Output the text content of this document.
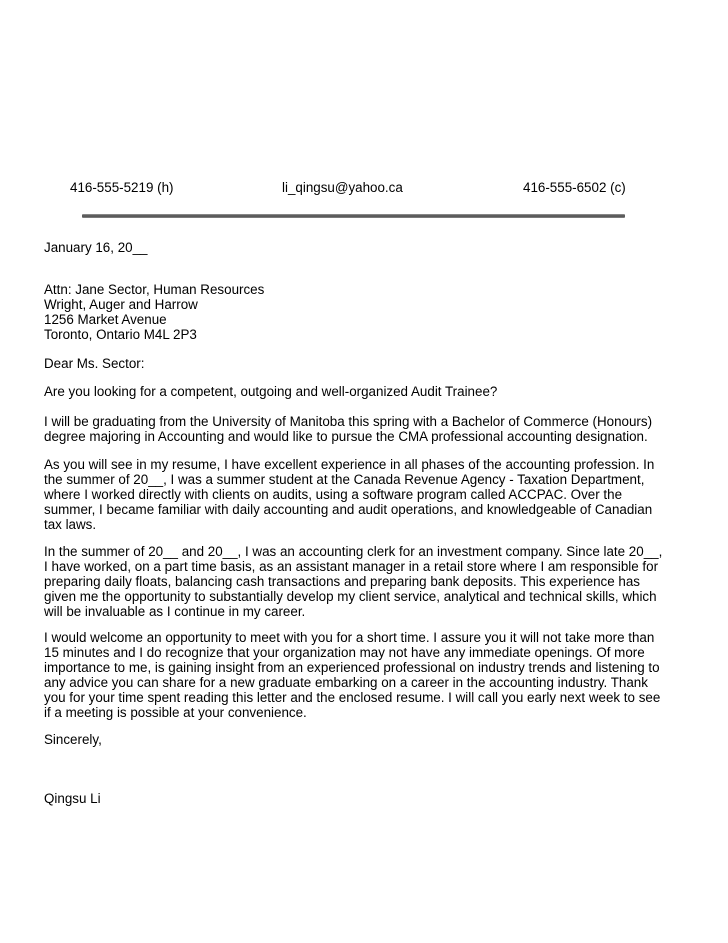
416-555-5219 (h)	li_qingsu@yahoo.ca	416-555-6502 (c)
January 16, 20__
Attn: Jane Sector, Human Resources
Wright, Auger and Harrow
1256 Market Avenue
Toronto, Ontario M4L 2P3
Dear Ms. Sector:
Are you looking for a competent, outgoing and well-organized Audit Trainee?
I will be graduating from the University of Manitoba this spring with a Bachelor of Commerce (Honours)
degree majoring in Accounting and would like to pursue the CMA professional accounting designation.
As you will see in my resume, I have excellent experience in all phases of the accounting profession. In
the summer of 20__, I was a summer student at the Canada Revenue Agency - Taxation Department,
where I worked directly with clients on audits, using a software program called ACCPAC. Over the
summer, I became familiar with daily accounting and audit operations, and knowledgeable of Canadian
tax laws.
In the summer of 20__ and 20__, I was an accounting clerk for an investment company. Since late 20__,
I have worked, on a part time basis, as an assistant manager in a retail store where I am responsible for
preparing daily floats, balancing cash transactions and preparing bank deposits. This experience has
given me the opportunity to substantially develop my client service, analytical and technical skills, which
will be invaluable as I continue in my career.
I would welcome an opportunity to meet with you for a short time. I assure you it will not take more than
15 minutes and I do recognize that your organization may not have any immediate openings. Of more
importance to me, is gaining insight from an experienced professional on industry trends and listening to
any advice you can share for a new graduate embarking on a career in the accounting industry. Thank
you for your time spent reading this letter and the enclosed resume. I will call you early next week to see
if a meeting is possible at your convenience.
Sincerely,
Qingsu Li
